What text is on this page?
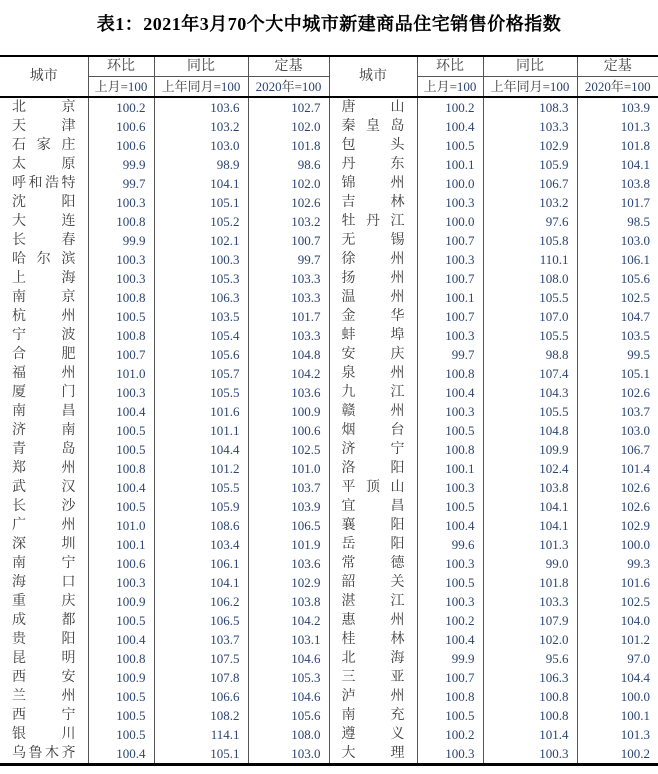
表1：2021年3月70个大中城市新建商品住宅销售价格指数
城市	环比	同比	定基	城市	环比	同比	定基
	上月=100	上年同月=100	2020年=100		上月=100	上年同月=100	2020年=100

北 京	100.2	103.6	102.7	唐 山	100.2	108.3	103.9

天 津	100.6	103.2	102.0	秦 皇 岛	100.4	103.3	101.3

石 家 庄	100.6	103.0	101.8	包 头	100.5	102.9	101.8

太 原	99.9	98.9	98.6	丹 东	100.1	105.9	104.1

呼 和 浩 特	99.7	104.1	102.0	锦 州	100.0	106.7	103.8

沈 阳	100.3	105.1	102.6	吉 林	100.3	103.2	101.7

大 连	100.8	105.2	103.2	牡 丹 江	100.0	97.6	98.5

长 春	99.9	102.1	100.7	无 锡	100.7	105.8	103.0

哈 尔 滨	100.3	100.3	99.7	徐 州	100.3	110.1	106.1

上 海	100.3	105.3	103.3	扬 州	100.7	108.0	105.6

南 京	100.8	106.3	103.3	温 州	100.1	105.5	102.5

杭 州	100.5	103.5	101.7	金 华	100.7	107.0	104.7

宁 波	100.8	105.4	103.3	蚌 埠	100.3	105.5	103.5

合 肥	100.7	105.6	104.8	安 庆	99.7	98.8	99.5

福 州	101.0	105.7	104.2	泉 州	100.8	107.4	105.1

厦 门	100.3	105.5	103.6	九 江	100.4	104.3	102.6

南 昌	100.4	101.6	100.9	赣 州	100.3	105.5	103.7

济 南	100.5	101.1	100.6	烟 台	100.5	104.8	103.0

青 岛	100.5	104.4	102.5	济 宁	100.8	109.9	106.7

郑 州	100.8	101.2	101.0	洛 阳	100.1	102.4	101.4

武 汉	100.4	105.5	103.7	平 顶 山	100.3	103.8	102.6

长 沙	100.5	105.9	103.9	宜 昌	100.5	104.1	102.6

广 州	101.0	108.6	106.5	襄 阳	100.4	104.1	102.9

深 圳	100.1	103.4	101.9	岳 阳	99.6	101.3	100.0

南 宁	100.6	106.1	103.6	常 德	100.3	99.0	99.3

海 口	100.3	104.1	102.9	韶 关	100.5	101.8	101.6

重 庆	100.9	106.2	103.8	湛 江	100.3	103.3	102.5

成 都	100.5	106.5	104.2	惠 州	100.2	107.9	104.0

贵 阳	100.4	103.7	103.1	桂 林	100.4	102.0	101.2

昆 明	100.8	107.5	104.6	北 海	99.9	95.6	97.0

西 安	100.9	107.8	105.3	三 亚	100.7	106.3	104.4

兰 州	100.5	106.6	104.6	泸 州	100.8	100.8	100.0

西 宁	100.5	108.2	105.6	南 充	100.5	100.8	100.1

银 川	100.5	114.1	108.0	遵 义	100.2	101.4	101.3

乌 鲁 木 齐	100.4	105.1	103.0	大 理	100.3	100.3	100.2
